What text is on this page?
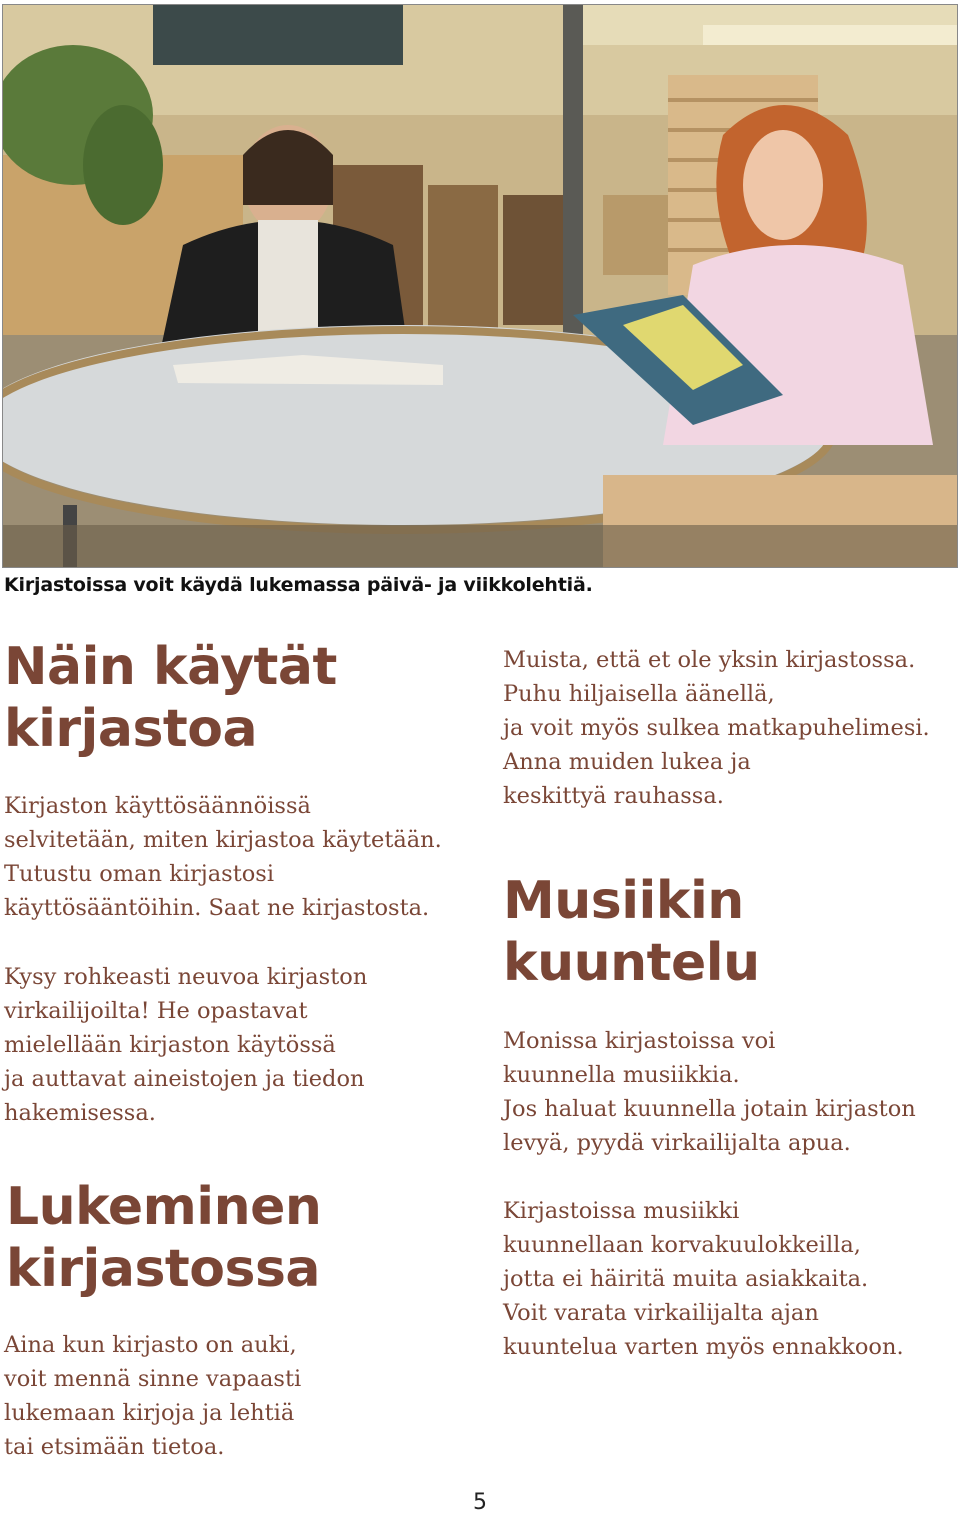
Kirjastoissa voit käydä lukemassa päivä- ja viikkolehtiä.
Näin käytät
kirjastoa

Kirjaston käyttösäännöissä
selvitetään, miten kirjastoa käytetään.
Tutustu oman kirjastosi
käyttösääntöihin. Saat ne kirjastosta.

Kysy rohkeasti neuvoa kirjaston
virkailijoilta! He opastavat
mielellään kirjaston käytössä
ja auttavat aineistojen ja tiedon
hakemisessa.

Lukeminen
kirjastossa

Aina kun kirjasto on auki,
voit mennä sinne vapaasti
lukemaan kirjoja ja lehtiä
tai etsimään tietoa.

Muista, että et ole yksin kirjastossa.
Puhu hiljaisella äänellä,
ja voit myös sulkea matkapuhelimesi.
Anna muiden lukea ja
keskittyä rauhassa.

Musiikin
kuuntelu

Monissa kirjastoissa voi
kuunnella musiikkia.
Jos haluat kuunnella jotain kirjaston
levyä, pyydä virkailijalta apua.

Kirjastoissa musiikki
kuunnellaan korvakuulokkeilla,
jotta ei häiritä muita asiakkaita.
Voit varata virkailijalta ajan
kuuntelua varten myös ennakkoon.

5
